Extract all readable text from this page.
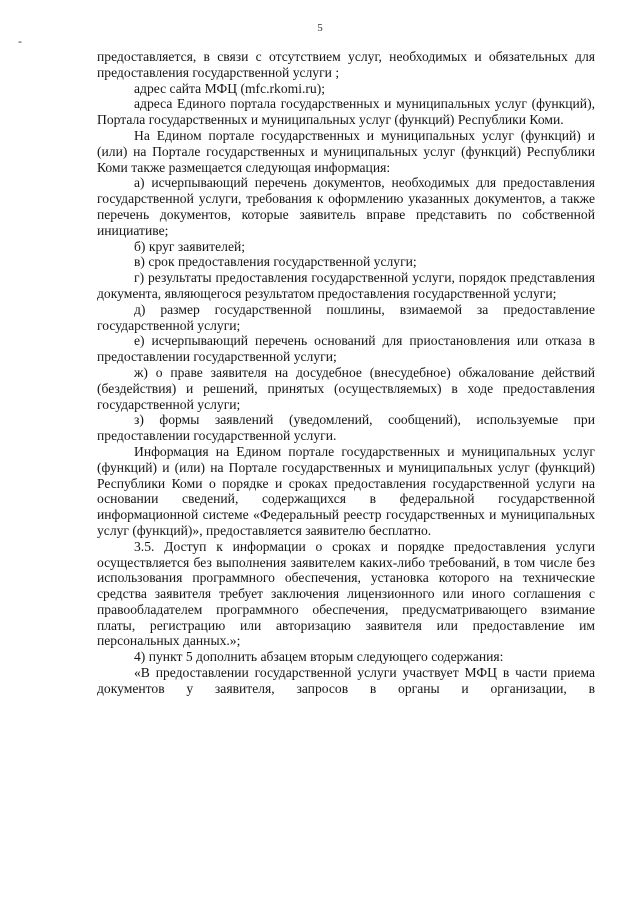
5
-

предоставляется, в связи с отсутствием услуг, необходимых и обязательных для предоставления государственной услуги ;

адрес сайта МФЦ (mfc.rkomi.ru);

адреса Единого портала государственных и муниципальных услуг (функций), Портала государственных и муниципальных услуг (функций) Республики Коми.

На Едином портале государственных и муниципальных услуг (функций) и (или) на Портале государственных и муниципальных услуг (функций) Республики Коми также размещается следующая информация:

а) исчерпывающий перечень документов, необходимых для предоставления государственной услуги, требования к оформлению указанных документов, а также перечень документов, которые заявитель вправе представить по собственной инициативе;

б) круг заявителей;

в) срок предоставления государственной услуги;

г) результаты предоставления государственной услуги, порядок представления документа, являющегося результатом предоставления государственной услуги;

д) размер государственной пошлины, взимаемой за предоставление государственной услуги;

е) исчерпывающий перечень оснований для приостановления или отказа в предоставлении государственной услуги;

ж) о праве заявителя на досудебное (внесудебное) обжалование действий (бездействия) и решений, принятых (осуществляемых) в ходе предоставления государственной услуги;

з) формы заявлений (уведомлений, сообщений), используемые при предоставлении государственной услуги.

Информация на Едином портале государственных и муниципальных услуг (функций) и (или) на Портале государственных и муниципальных услуг (функций) Республики Коми о порядке и сроках предоставления государственной услуги на основании сведений, содержащихся в федеральной государственной информационной системе «Федеральный реестр государственных и муниципальных услуг (функций)», предоставляется заявителю бесплатно.

3.5. Доступ к информации о сроках и порядке предоставления услуги осуществляется без выполнения заявителем каких-либо требований, в том числе без использования программного обеспечения, установка которого на технические средства заявителя требует заключения лицензионного или иного соглашения с правообладателем программного обеспечения, предусматривающего взимание платы, регистрацию или авторизацию заявителя или предоставление им персональных данных.»;

4) пункт 5 дополнить абзацем вторым следующего содержания:

«В предоставлении государственной услуги участвует МФЦ в части приема документов у заявителя, запросов в органы и организации, в
